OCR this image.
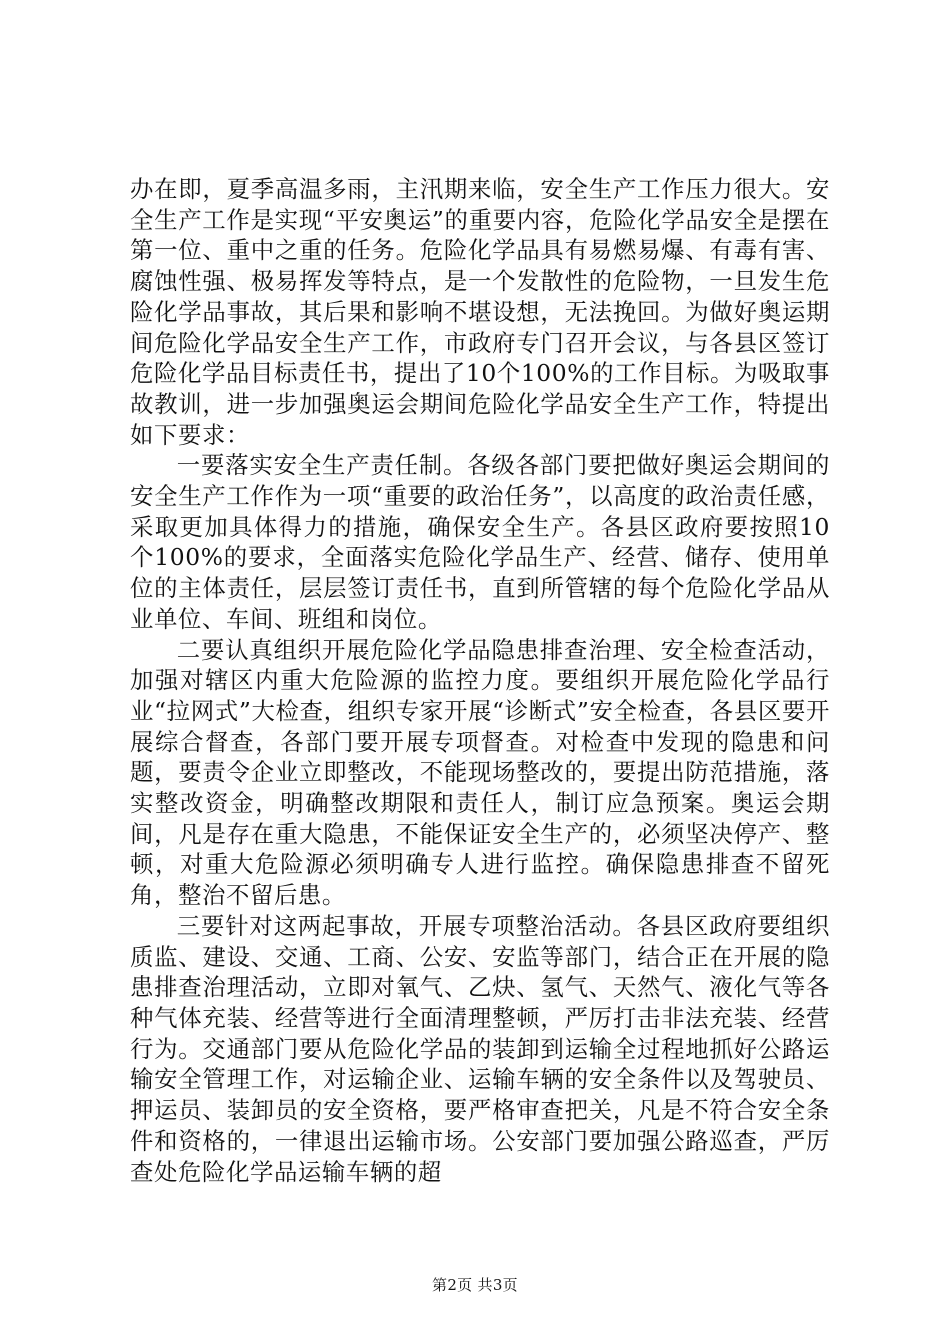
办在即，夏季高温多雨，主汛期来临，安全生产工作压力很大。安全生产工作是实现“平安奥运”的重要内容，危险化学品安全是摆在第一位、重中之重的任务。危险化学品具有易燃易爆、有毒有害、腐蚀性强、极易挥发等特点，是一个发散性的危险物，一旦发生危险化学品事故，其后果和影响不堪设想，无法挽回。为做好奥运期间危险化学品安全生产工作，市政府专门召开会议，与各县区签订危险化学品目标责任书，提出了10个100%的工作目标。为吸取事故教训，进一步加强奥运会期间危险化学品安全生产工作，特提出如下要求：

一要落实安全生产责任制。各级各部门要把做好奥运会期间的安全生产工作作为一项“重要的政治任务”，以高度的政治责任感，采取更加具体得力的措施，确保安全生产。各县区政府要按照10个100%的要求，全面落实危险化学品生产、经营、储存、使用单位的主体责任，层层签订责任书，直到所管辖的每个危险化学品从业单位、车间、班组和岗位。

二要认真组织开展危险化学品隐患排查治理、安全检查活动，加强对辖区内重大危险源的监控力度。要组织开展危险化学品行业“拉网式”大检查，组织专家开展“诊断式”安全检查，各县区要开展综合督查，各部门要开展专项督查。对检查中发现的隐患和问题，要责令企业立即整改，不能现场整改的，要提出防范措施，落实整改资金，明确整改期限和责任人，制订应急预案。奥运会期间，凡是存在重大隐患，不能保证安全生产的，必须坚决停产、整顿，对重大危险源必须明确专人进行监控。确保隐患排查不留死角，整治不留后患。

三要针对这两起事故，开展专项整治活动。各县区政府要组织质监、建设、交通、工商、公安、安监等部门，结合正在开展的隐患排查治理活动，立即对氧气、乙炔、氢气、天然气、液化气等各种气体充装、经营等进行全面清理整顿，严厉打击非法充装、经营行为。交通部门要从危险化学品的装卸到运输全过程地抓好公路运输安全管理工作，对运输企业、运输车辆的安全条件以及驾驶员、押运员、装卸员的安全资格，要严格审查把关，凡是不符合安全条件和资格的，一律退出运输市场。公安部门要加强公路巡查，严厉查处危险化学品运输车辆的超

第2页 共3页
